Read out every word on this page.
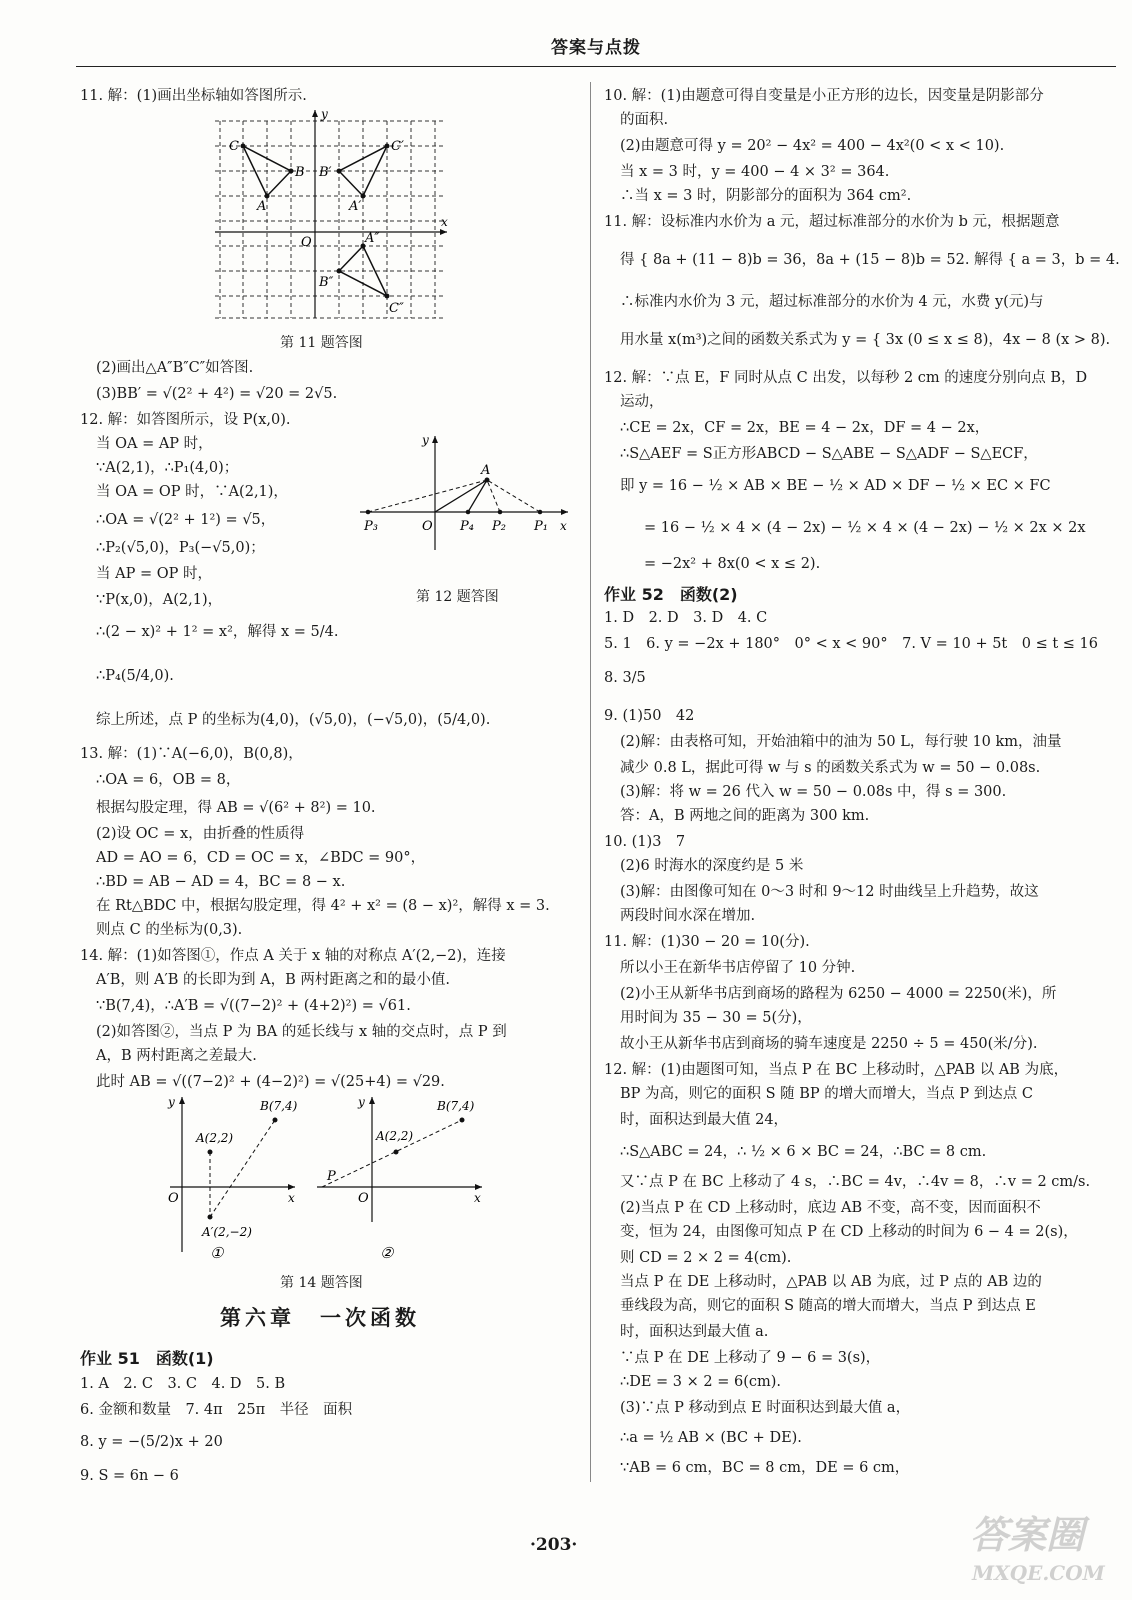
答案与点拨
11. 解：(1)画出坐标轴如答图所示.
y
x
O
C
B
A
B′
C′
A′
A″
B″
C″
第 11 题答图
(2)画出△A″B″C″如答图.
(3)BB′ = √(2² + 4²) = √20 = 2√5.
12. 解：如答图所示，设 P(x,0).
当 OA = AP 时，
∵A(2,1)，∴P₁(4,0)；
当 OA = OP 时，∵A(2,1)，
∴OA = √(2² + 1²) = √5，
∴P₂(√5,0)，P₃(−√5,0)；
当 AP = OP 时，
∵P(x,0)，A(2,1)，
∴(2 − x)² + 1² = x²，解得 x = 5/4.
∴P₄(5/4,0).
综上所述，点 P 的坐标为(4,0)，(√5,0)，(−√5,0)，(5/4,0).
y
x
O
A
P₁
P₂
P₃	P₄
第 12 题答图
13. 解：(1)∵A(−6,0)，B(0,8)，
∴OA = 6，OB = 8，
根据勾股定理，得 AB = √(6² + 8²) = 10.
(2)设 OC = x，由折叠的性质得
AD = AO = 6，CD = OC = x，∠BDC = 90°，
∴BD = AB − AD = 4，BC = 8 − x.
在 Rt△BDC 中，根据勾股定理，得 4² + x² = (8 − x)²，解得 x = 3.
则点 C 的坐标为(0,3).
14. 解：(1)如答图①，作点 A 关于 x 轴的对称点 A′(2,−2)，连接
A′B，则 A′B 的长即为到 A，B 两村距离之和的最小值.
∵B(7,4)，∴A′B = √((7−2)² + (4+2)²) = √61.
(2)如答图②，当点 P 为 BA 的延长线与 x 轴的交点时，点 P 到
A，B 两村距离之差最大.
此时 AB = √((7−2)² + (4−2)²) = √(25+4) = √29.
y
x
O
A(2,2)
B(7,4)
A′(2,−2)
①
y
x
O
A(2,2)
B(7,4)
P
②
第 14 题答图
第六章　一次函数
作业 51　函数(1)
1. A　2. C　3. C　4. D　5. B
6. 金额和数量　7. 4π　25π　半径　面积
8. y = −(5/2)x + 20
9. S = 6n − 6
10. 解：(1)由题意可得自变量是小正方形的边长，因变量是阴影部分
的面积.
(2)由题意可得 y = 20² − 4x² = 400 − 4x²(0 < x < 10).
当 x = 3 时，y = 400 − 4 × 3² = 364.
∴当 x = 3 时，阴影部分的面积为 364 cm².
11. 解：设标准内水价为 a 元，超过标准部分的水价为 b 元，根据题意
得 { 8a + (11 − 8)b = 36，8a + (15 − 8)b = 52. 解得 { a = 3，b = 4.
∴标准内水价为 3 元，超过标准部分的水价为 4 元，水费 y(元)与
用水量 x(m³)之间的函数关系式为 y = { 3x (0 ≤ x ≤ 8)，4x − 8 (x > 8).
12. 解：∵点 E，F 同时从点 C 出发，以每秒 2 cm 的速度分别向点 B，D
运动，
∴CE = 2x，CF = 2x，BE = 4 − 2x，DF = 4 − 2x，
∴S△AEF = S正方形ABCD − S△ABE − S△ADF − S△ECF，
即 y = 16 − ½ × AB × BE − ½ × AD × DF − ½ × EC × FC
= 16 − ½ × 4 × (4 − 2x) − ½ × 4 × (4 − 2x) − ½ × 2x × 2x
= −2x² + 8x(0 < x ≤ 2).
作业 52　函数(2)
1. D　2. D　3. D　4. C
5. 1　6. y = −2x + 180°　0° < x < 90°　7. V = 10 + 5t　0 ≤ t ≤ 16
8. 3/5
9. (1)50　42
(2)解：由表格可知，开始油箱中的油为 50 L，每行驶 10 km，油量
减少 0.8 L，据此可得 w 与 s 的函数关系式为 w = 50 − 0.08s.
(3)解：将 w = 26 代入 w = 50 − 0.08s 中，得 s = 300.
答：A，B 两地之间的距离为 300 km.
10. (1)3　7
(2)6 时海水的深度约是 5 米
(3)解：由图像可知在 0～3 时和 9～12 时曲线呈上升趋势，故这
两段时间水深在增加.
11. 解：(1)30 − 20 = 10(分).
所以小王在新华书店停留了 10 分钟.
(2)小王从新华书店到商场的路程为 6250 − 4000 = 2250(米)，所
用时间为 35 − 30 = 5(分)，
故小王从新华书店到商场的骑车速度是 2250 ÷ 5 = 450(米/分).
12. 解：(1)由题图可知，当点 P 在 BC 上移动时，△PAB 以 AB 为底，
BP 为高，则它的面积 S 随 BP 的增大而增大，当点 P 到达点 C
时，面积达到最大值 24，
∴S△ABC = 24，∴ ½ × 6 × BC = 24，∴BC = 8 cm.
又∵点 P 在 BC 上移动了 4 s，∴BC = 4v，∴4v = 8，∴v = 2 cm/s.
(2)当点 P 在 CD 上移动时，底边 AB 不变，高不变，因而面积不
变，恒为 24，由图像可知点 P 在 CD 上移动的时间为 6 − 4 = 2(s)，
则 CD = 2 × 2 = 4(cm).
当点 P 在 DE 上移动时，△PAB 以 AB 为底，过 P 点的 AB 边的
垂线段为高，则它的面积 S 随高的增大而增大，当点 P 到达点 E
时，面积达到最大值 a.
∵点 P 在 DE 上移动了 9 − 6 = 3(s)，
∴DE = 3 × 2 = 6(cm).
(3)∵点 P 移动到点 E 时面积达到最大值 a，
∴a = ½ AB × (BC + DE).
∵AB = 6 cm，BC = 8 cm，DE = 6 cm，
·203·	答案圈
MXQE.COM
